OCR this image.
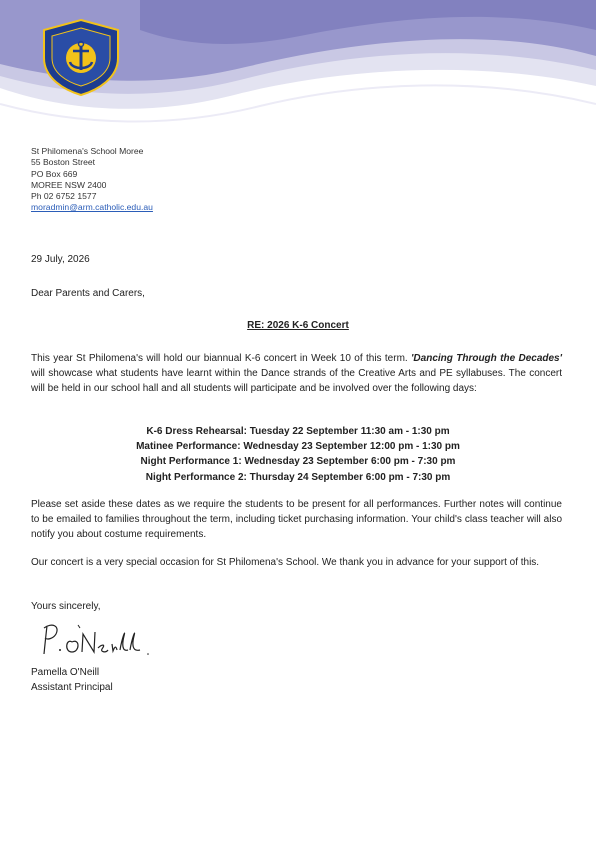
St Philomena's School Moree
55 Boston Street
PO Box 669
MOREE NSW 2400
Ph 02 6752 1577
moradmin@arm.catholic.edu.au
29 July, 2026
Dear Parents and Carers,
RE: 2026 K-6 Concert
This year St Philomena's will hold our biannual K-6 concert in Week 10 of this term. 'Dancing Through the Decades' will showcase what students have learnt within the Dance strands of the Creative Arts and PE syllabuses. The concert will be held in our school hall and all students will participate and be involved over the following days:
K-6 Dress Rehearsal: Tuesday 22 September 11:30 am - 1:30 pm
Matinee Performance: Wednesday 23 September 12:00 pm - 1:30 pm
Night Performance 1: Wednesday 23 September 6:00 pm - 7:30 pm
Night Performance 2: Thursday 24 September 6:00 pm - 7:30 pm
Please set aside these dates as we require the students to be present for all performances. Further notes will continue to be emailed to families throughout the term, including ticket purchasing information. Your child's class teacher will also notify you about costume requirements.
Our concert is a very special occasion for St Philomena's School. We thank you in advance for your support of this.
Yours sincerely,
Pamella O'Neill
Assistant Principal
